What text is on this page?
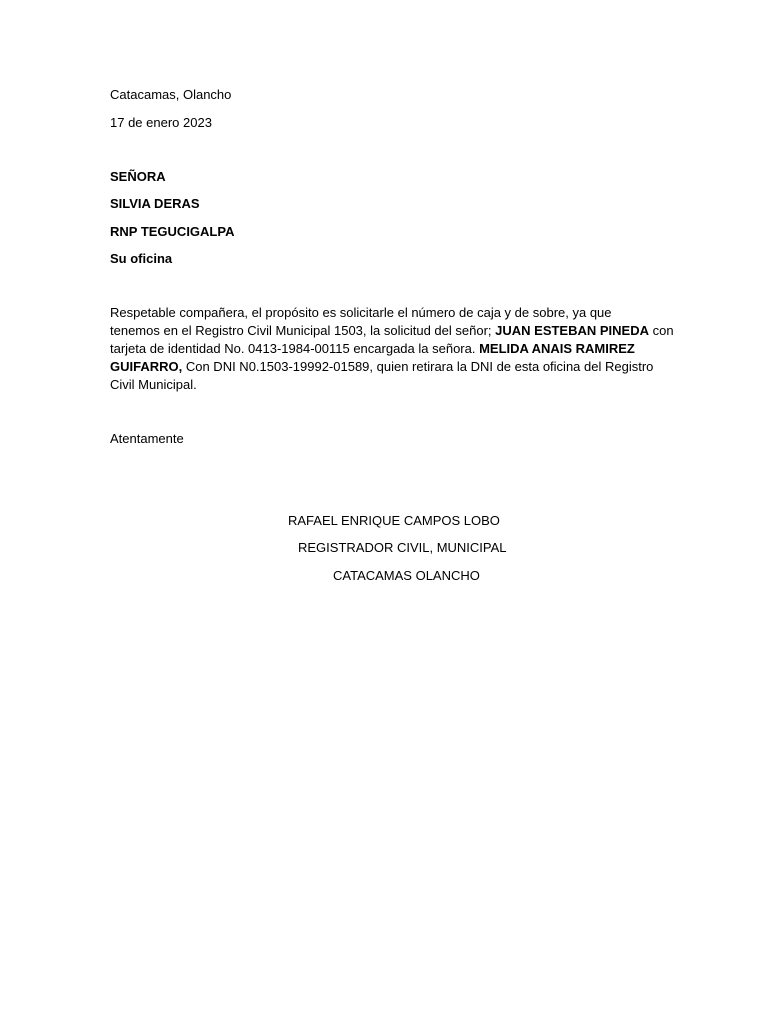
Catacamas, Olancho
17 de enero 2023
SEÑORA
SILVIA DERAS
RNP TEGUCIGALPA
Su oficina
Respetable compañera, el propósito es solicitarle el número de caja y de sobre, ya que
tenemos en el Registro Civil Municipal 1503, la solicitud del señor; JUAN ESTEBAN PINEDA con
tarjeta de identidad No. 0413-1984-00115 encargada la señora. MELIDA ANAIS RAMIREZ
GUIFARRO, Con DNI N0.1503-19992-01589, quien retirara la DNI de esta oficina del Registro
Civil Municipal.
Atentamente
RAFAEL ENRIQUE CAMPOS LOBO
REGISTRADOR CIVIL, MUNICIPAL
CATACAMAS OLANCHO
